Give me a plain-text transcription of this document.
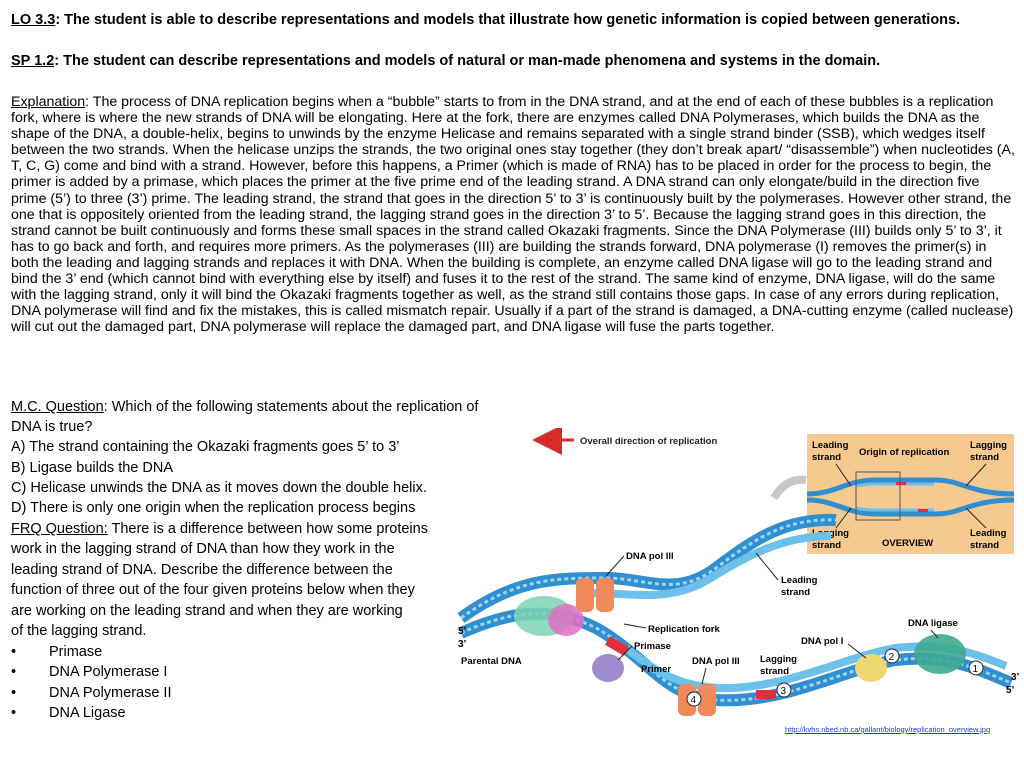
LO 3.3: The student is able to describe representations and models that illustrate how genetic information is copied between generations.
SP 1.2: The student can describe representations and models of natural or man-made phenomena and systems in the domain.
Explanation: The process of DNA replication begins when a “bubble” starts to from in the DNA strand, and at the end of each of these bubbles is a replication fork, where is where the new strands of DNA will be elongating. Here at the fork, there are enzymes called DNA Polymerases, which builds the DNA as the shape of the DNA, a double-helix, begins to unwinds by the enzyme Helicase and remains separated with a single strand binder (SSB), which wedges itself between the two strands. When the helicase unzips the strands, the two original ones stay together (they don’t break apart/ “disassemble”) when nucleotides (A, T, C, G) come and bind with a strand. However, before this happens, a Primer (which is made of RNA) has to be placed in order for the process to begin, the primer is added by a primase, which places the primer at the five prime end of the leading strand. A DNA strand can only elongate/build in the direction five prime (5’) to three (3’) prime. The leading strand, the strand that goes in the direction 5’ to 3’ is continuously built by the polymerases. However other strand, the one that is oppositely oriented from the leading strand, the lagging strand goes in the direction 3’ to 5’. Because the lagging strand goes in this direction, the strand cannot be built continuously and forms these small spaces in the strand called Okazaki fragments. Since the DNA Polymerase (III) builds only 5’ to 3’, it has to go back and forth, and requires more primers. As the polymerases (III) are building the strands forward, DNA polymerase (I) removes the primer(s) in both the leading and lagging strands and replaces it with DNA. When the building is complete, an enzyme called DNA ligase will go to the leading strand and bind the 3’ end (which cannot bind with everything else by itself) and fuses it to the rest of the strand. The same kind of enzyme, DNA ligase, will do the same with the lagging strand, only it will bind the Okazaki fragments together as well, as the strand still contains those gaps. In case of any errors during replication, DNA polymerase will find and fix the mistakes, this is called mismatch repair. Usually if a part of the strand is damaged, a DNA-cutting enzyme (called nuclease) will cut out the damaged part, DNA polymerase will replace the damaged part, and DNA ligase will fuse the parts together.
M.C. Question: Which of the following statements about the replication of DNA is true?
A) The strand containing the Okazaki fragments goes 5’ to 3’
B) Ligase builds the DNA
C) Helicase unwinds the DNA as it moves down the double helix.
D) There is only one origin when the replication process begins
FRQ Question: There is a difference between how some proteins
work in the lagging strand of DNA than how they work in the
leading strand of DNA. Describe the difference between the
function of three out of the four given proteins below when they
are working on the leading strand and when they are working
of the lagging strand.
•	Primase
•	DNA Polymerase I
•	DNA Polymerase II
•	DNA Ligase
Overall direction of replication	Leading
strand Origin of replication
Lagging
strand
Lagging
strand	OVERVIEW
Leading
strand
4
3
2
1
DNA pol III
Leading
strand
Replication fork
Primase	DNA pol I
DNA ligase
Parental DNA
Primer
DNA pol III Lagging
strand
5’
3’
3’
5’
http://kvhs.nbed.nb.ca/gallant/biology/replication_overview.jpg
